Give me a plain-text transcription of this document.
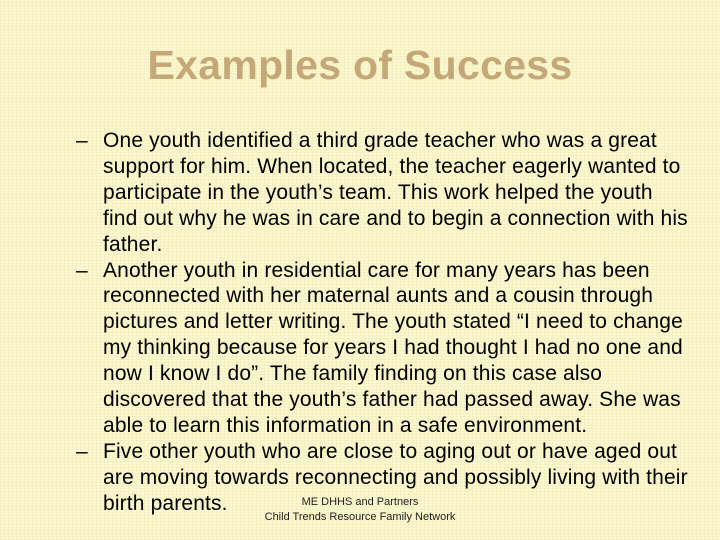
Examples of Success
– One youth identified a third grade teacher who was a great support for him. When located, the teacher eagerly wanted to participate in the youth’s team. This work helped the youth find out why he was in care and to begin a connection with his father.
– Another youth in residential care for many years has been reconnected with her maternal aunts and a cousin through pictures and letter writing. The youth stated “I need to change my thinking because for years I had thought I had no one and now I know I do”. The family finding on this case also discovered that the youth’s father had passed away. She was able to learn this information in a safe environment.
– Five other youth who are close to aging out or have aged out are moving towards reconnecting and possibly living with their birth parents.	ME DHHS and Partners
Child Trends Resource Family Network
